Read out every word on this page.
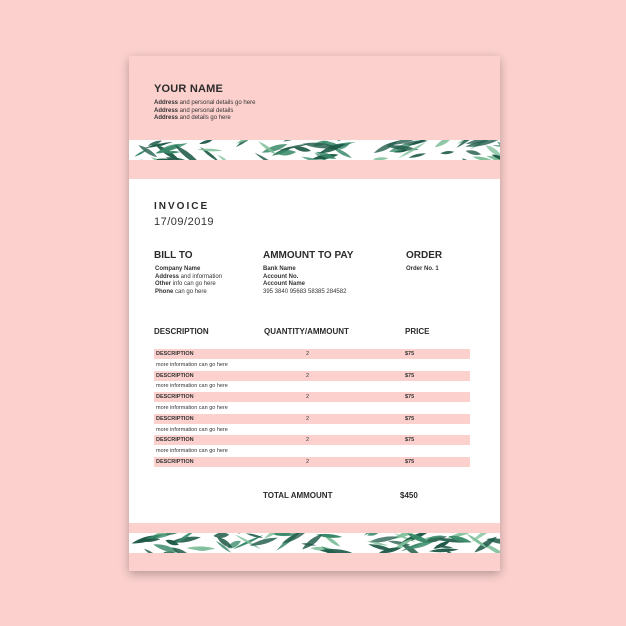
YOUR NAME
Address and personal details go here
Address and personal details
Address and details go here
INVOICE
17/09/2019
BILL TO
Company Name
Address and information
Other info can go here
Phone can go here
AMMOUNT TO PAY
Bank Name
Account No.
Account Name
395 3840 95683 58385 284582
ORDER
Order No. 1
DESCRIPTION	QUANTITY/AMMOUNT	PRICE
DESCRIPTION	2	$75
more information can go here
DESCRIPTION	2	$75
more information can go here
DESCRIPTION	2	$75
more information can go here
DESCRIPTION	2	$75
more information can go here
DESCRIPTION	2	$75
more information can go here
DESCRIPTION	2	$75
TOTAL AMMOUNT	$450
